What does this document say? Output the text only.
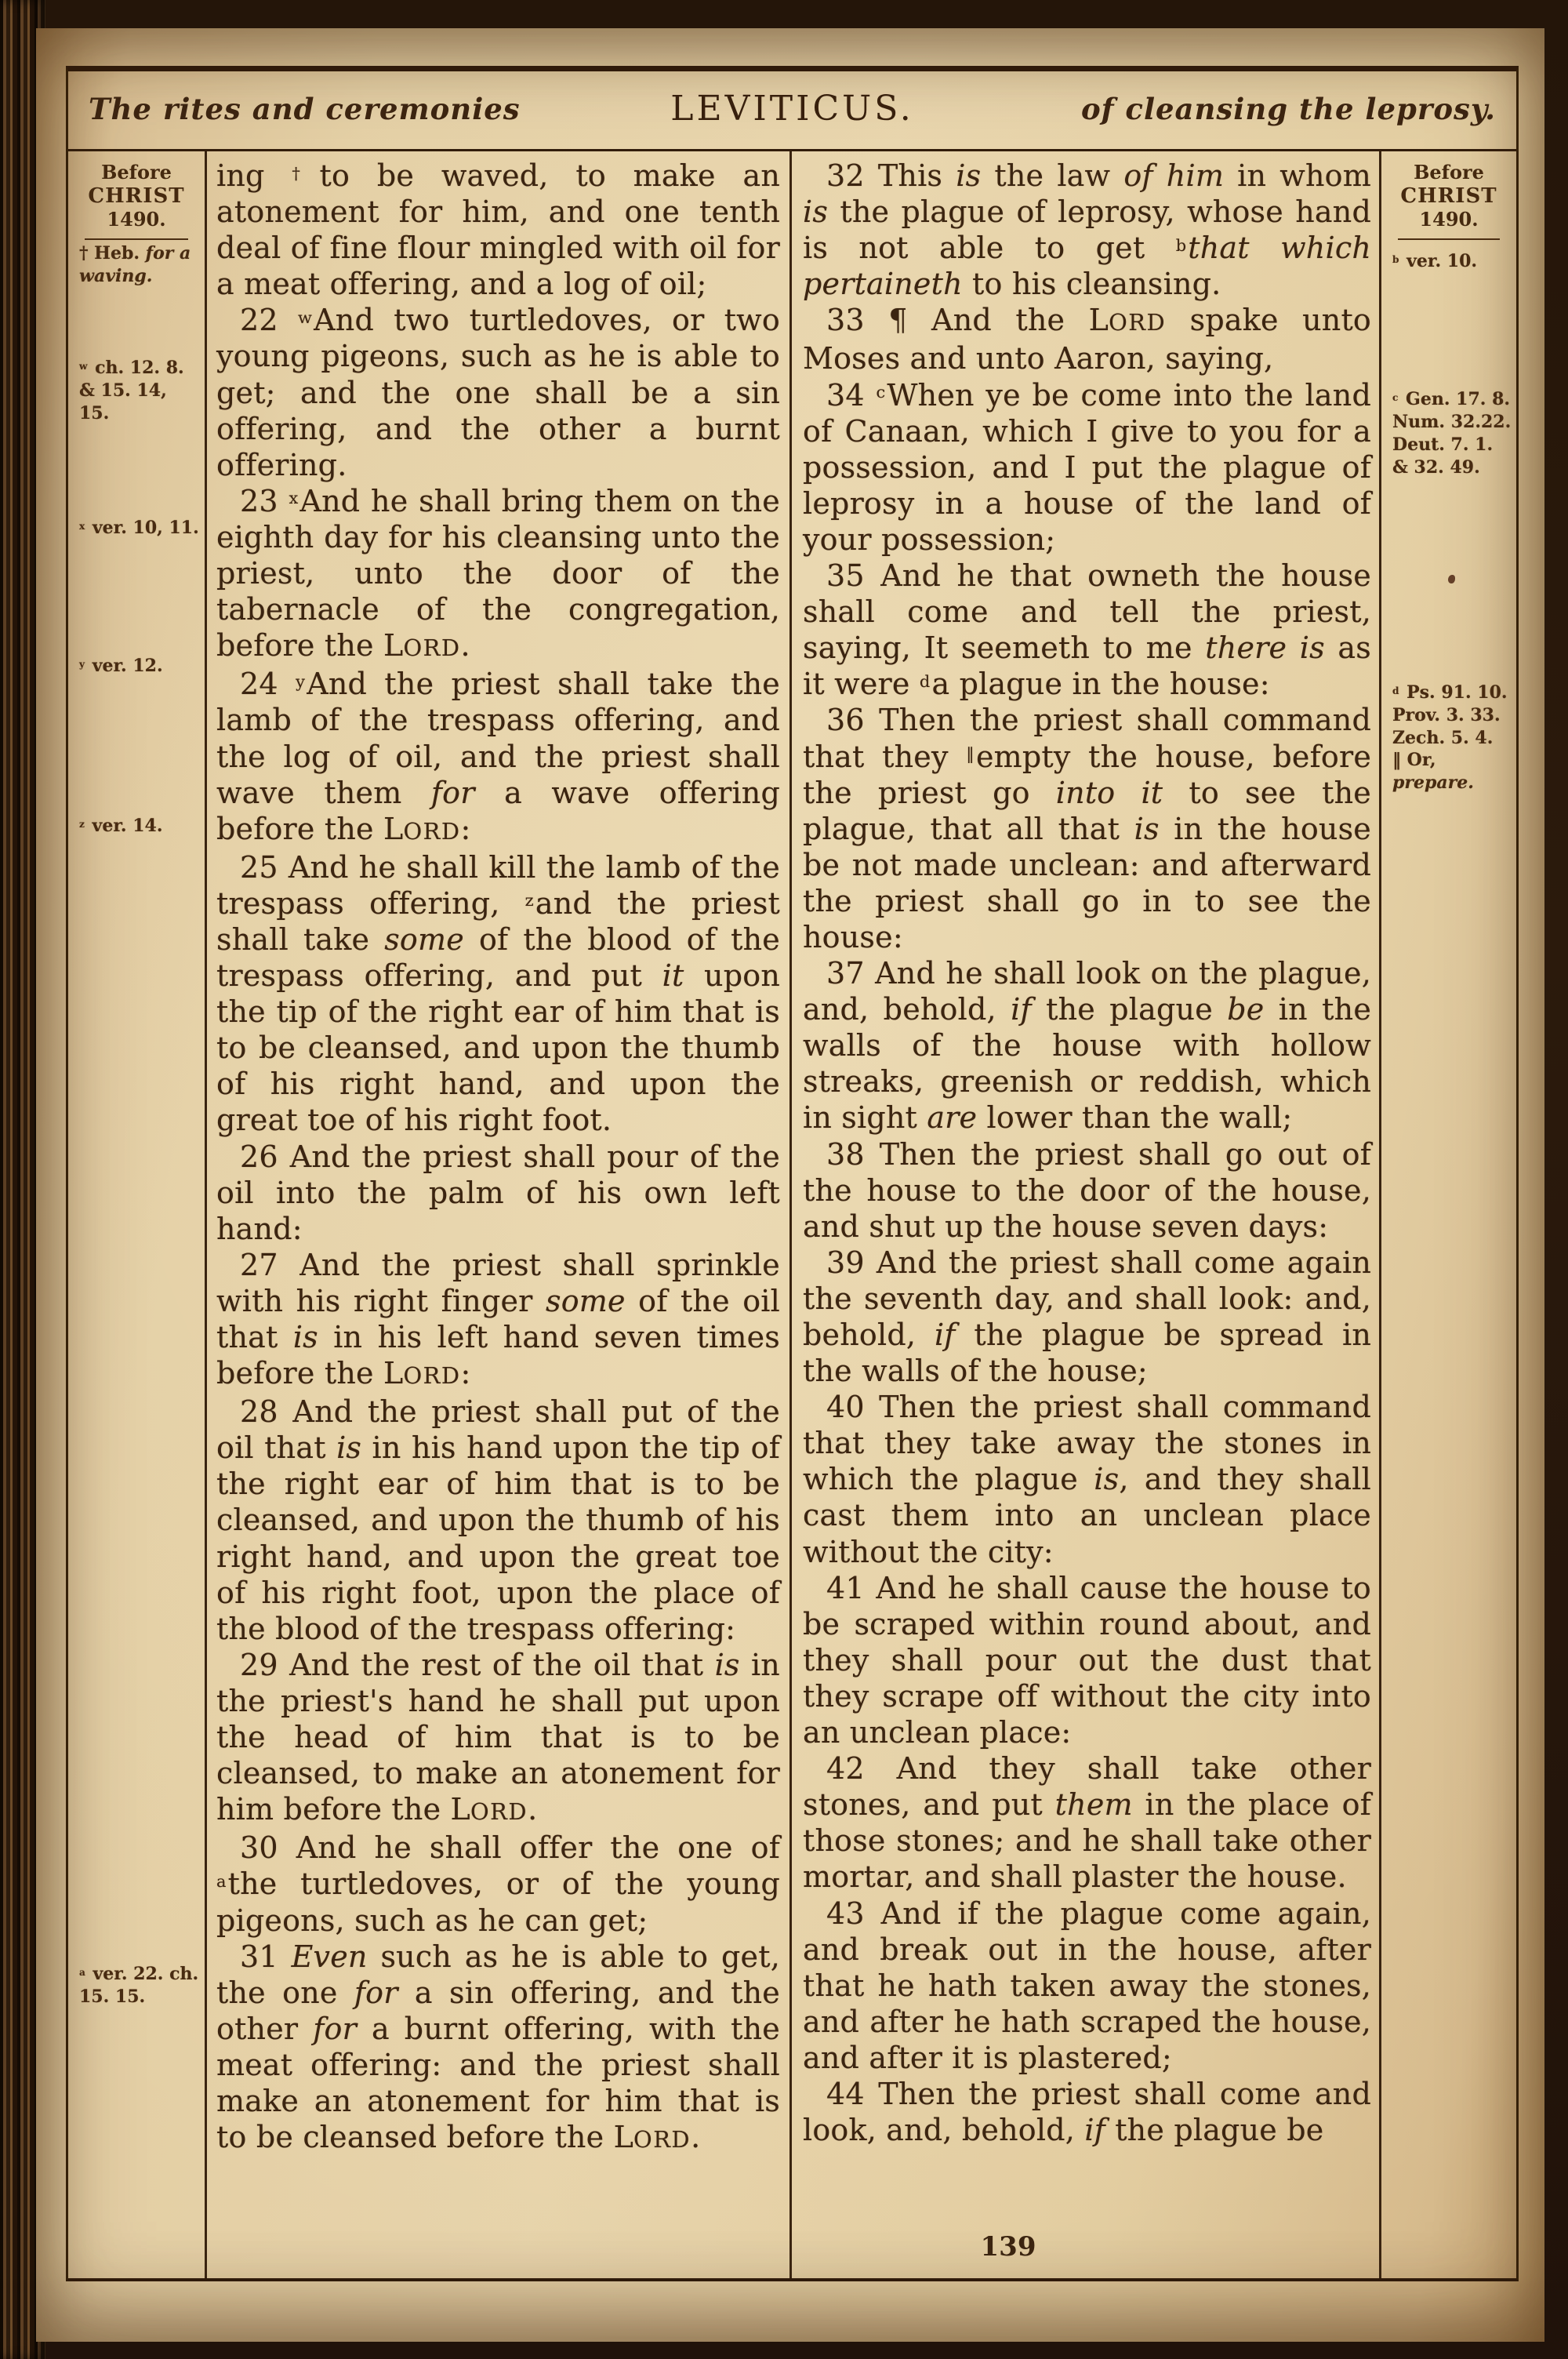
The rites and ceremonies	LEVITICUS.	of cleansing the leprosy.
Before
CHRIST
1490.
† Heb. for a waving.
$^w$ ch. 12. 8. & 15. 14, 15.
$^x$ ver. 10, 11.
$^y$ ver. 12.
$^z$ ver. 14.
$^a$ ver. 22. ch. 15. 15.

ing †to be waved, to make an atonement for him, and one tenth deal of fine flour mingled with oil for a meat offering, and a log of oil;

22 $^w$And two turtledoves, or two young pigeons, such as he is able to get; and the one shall be a sin offering, and the other a burnt offering.

23 $^x$And he shall bring them on the eighth day for his cleansing unto the priest, unto the door of the tabernacle of the congregation, before the LORD.

24 $^y$And the priest shall take the lamb of the trespass offering, and the log of oil, and the priest shall wave them for a wave offering before the LORD:

25 And he shall kill the lamb of the trespass offering, $^z$and the priest shall take some of the blood of the trespass offering, and put it upon the tip of the right ear of him that is to be cleansed, and upon the thumb of his right hand, and upon the great toe of his right foot.

26 And the priest shall pour of the oil into the palm of his own left hand:

27 And the priest shall sprinkle with his right finger some of the oil that is in his left hand seven times before the LORD:

28 And the priest shall put of the oil that is in his hand upon the tip of the right ear of him that is to be cleansed, and upon the thumb of his right hand, and upon the great toe of his right foot, upon the place of the blood of the trespass offering:

29 And the rest of the oil that is in the priest's hand he shall put upon the head of him that is to be cleansed, to make an atonement for him before the LORD.

30 And he shall offer the one of $^a$the turtledoves, or of the young pigeons, such as he can get;

31 Even such as he is able to get, the one for a sin offering, and the other for a burnt offering, with the meat offering: and the priest shall make an atonement for him that is to be cleansed before the LORD.

32 This is the law of him in whom is the plague of leprosy, whose hand is not able to get $^b$that which pertaineth to his cleansing.

33 ¶ And the LORD spake unto Moses and unto Aaron, saying,

34 $^c$When ye be come into the land of Canaan, which I give to you for a possession, and I put the plague of leprosy in a house of the land of your possession;

35 And he that owneth the house shall come and tell the priest, saying, It seemeth to me there is as it were $^d$a plague in the house:

36 Then the priest shall command that they ‖empty the house, before the priest go into it to see the plague, that all that is in the house be not made unclean: and afterward the priest shall go in to see the house:

37 And he shall look on the plague, and, behold, if the plague be in the walls of the house with hollow streaks, greenish or reddish, which in sight are lower than the wall;

38 Then the priest shall go out of the house to the door of the house, and shut up the house seven days:

39 And the priest shall come again the seventh day, and shall look: and, behold, if the plague be spread in the walls of the house;

40 Then the priest shall command that they take away the stones in which the plague is, and they shall cast them into an unclean place without the city:

41 And he shall cause the house to be scraped within round about, and they shall pour out the dust that they scrape off without the city into an unclean place:

42 And they shall take other stones, and put them in the place of those stones; and he shall take other mortar, and shall plaster the house.

43 And if the plague come again, and break out in the house, after that he hath taken away the stones, and after he hath scraped the house, and after it is plastered;

44 Then the priest shall come and look, and, behold, if the plague be

Before
CHRIST
1490.
$^b$ ver. 10.
$^c$ Gen. 17. 8. Num. 32.22. Deut. 7. 1. & 32. 49.
$^d$ Ps. 91. 10. Prov. 3. 33. Zech. 5. 4.
‖ Or, prepare.
139
